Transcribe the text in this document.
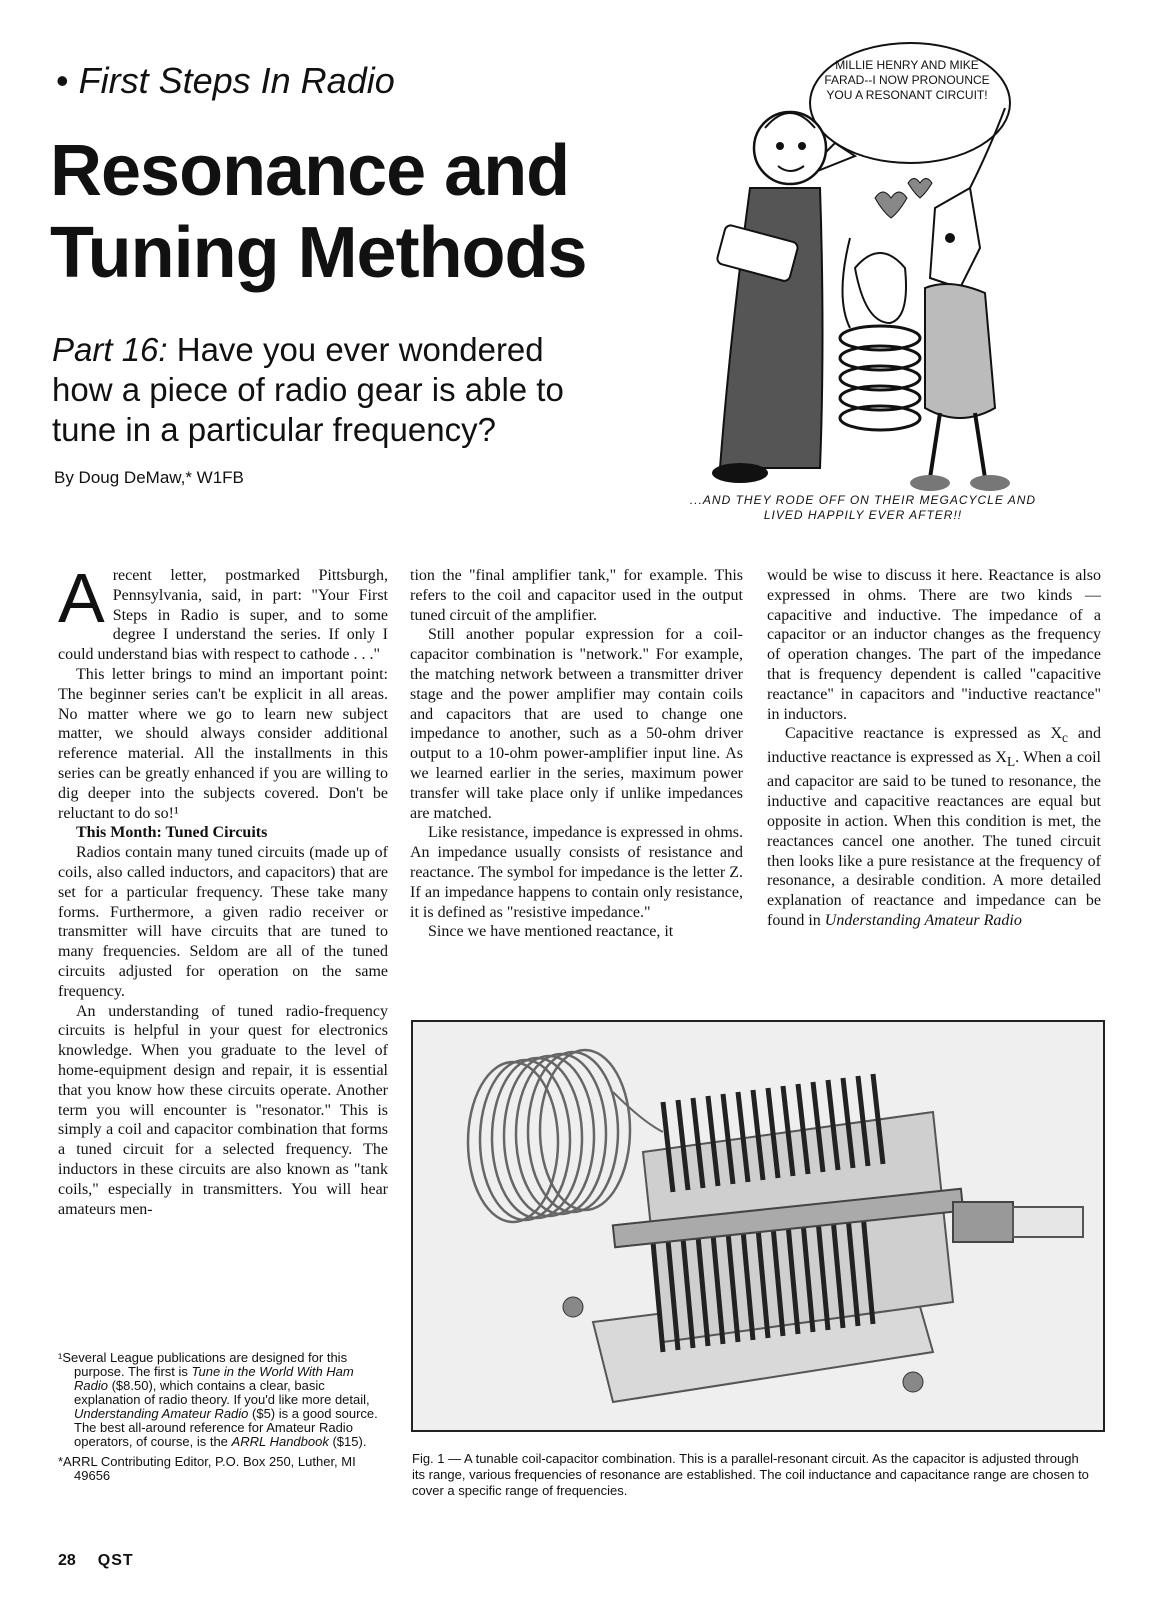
• First Steps In Radio
Resonance and Tuning Methods

Part 16: Have you ever wondered how a piece of radio gear is able to tune in a particular frequency?

By Doug DeMaw,* W1FB
MILLIE HENRY AND MIKE FARAD--I NOW PRONOUNCE YOU A RESONANT CIRCUIT!
...AND THEY RODE OFF ON THEIR MEGACYCLE AND LIVED HAPPILY EVER AFTER!!

Arecent letter, postmarked Pittsburgh, Pennsylvania, said, in part: "Your First Steps in Radio is super, and to some degree I understand the series. If only I could understand bias with respect to cathode . . ."

This letter brings to mind an important point: The beginner series can't be explicit in all areas. No matter where we go to learn new subject matter, we should always consider additional reference material. All the installments in this series can be greatly enhanced if you are willing to dig deeper into the subjects covered. Don't be reluctant to do so!¹

This Month: Tuned Circuits

Radios contain many tuned circuits (made up of coils, also called inductors, and capacitors) that are set for a particular frequency. These take many forms. Furthermore, a given radio receiver or transmitter will have circuits that are tuned to many frequencies. Seldom are all of the tuned circuits adjusted for operation on the same frequency.

An understanding of tuned radio-frequency circuits is helpful in your quest for electronics knowledge. When you graduate to the level of home-equipment design and repair, it is essential that you know how these circuits operate. Another term you will encounter is "resonator." This is simply a coil and capacitor combination that forms a tuned circuit for a selected frequency. The inductors in these circuits are also known as "tank coils," especially in transmitters. You will hear amateurs men-

tion the "final amplifier tank," for example. This refers to the coil and capacitor used in the output tuned circuit of the amplifier.

Still another popular expression for a coil-capacitor combination is "network." For example, the matching network between a transmitter driver stage and the power amplifier may contain coils and capacitors that are used to change one impedance to another, such as a 50-ohm driver output to a 10-ohm power-amplifier input line. As we learned earlier in the series, maximum power transfer will take place only if unlike impedances are matched.

Like resistance, impedance is expressed in ohms. An impedance usually consists of resistance and reactance. The symbol for impedance is the letter Z. If an impedance happens to contain only resistance, it is defined as "resistive impedance."

Since we have mentioned reactance, it

would be wise to discuss it here. Reactance is also expressed in ohms. There are two kinds — capacitive and inductive. The impedance of a capacitor or an inductor changes as the frequency of operation changes. The part of the impedance that is frequency dependent is called "capacitive reactance" in capacitors and "inductive reactance" in inductors.

Capacitive reactance is expressed as $X_c$ and inductive reactance is expressed as $X_L$. When a coil and capacitor are said to be tuned to resonance, the inductive and capacitive reactances are equal but opposite in action. When this condition is met, the reactances cancel one another. The tuned circuit then looks like a pure resistance at the frequency of resonance, a desirable condition. A more detailed explanation of reactance and impedance can be found in Understanding Amateur Radio

¹Several League publications are designed for this purpose. The first is Tune in the World With Ham Radio ($8.50), which contains a clear, basic explanation of radio theory. If you'd like more detail, Understanding Amateur Radio ($5) is a good source. The best all-around reference for Amateur Radio operators, of course, is the ARRL Handbook ($15).

*ARRL Contributing Editor, P.O. Box 250, Luther, MI 49656

Fig. 1 — A tunable coil-capacitor combination. This is a parallel-resonant circuit. As the capacitor is adjusted through its range, various frequencies of resonance are established. The coil inductance and capacitance range are chosen to cover a specific range of frequencies.
28 QST
